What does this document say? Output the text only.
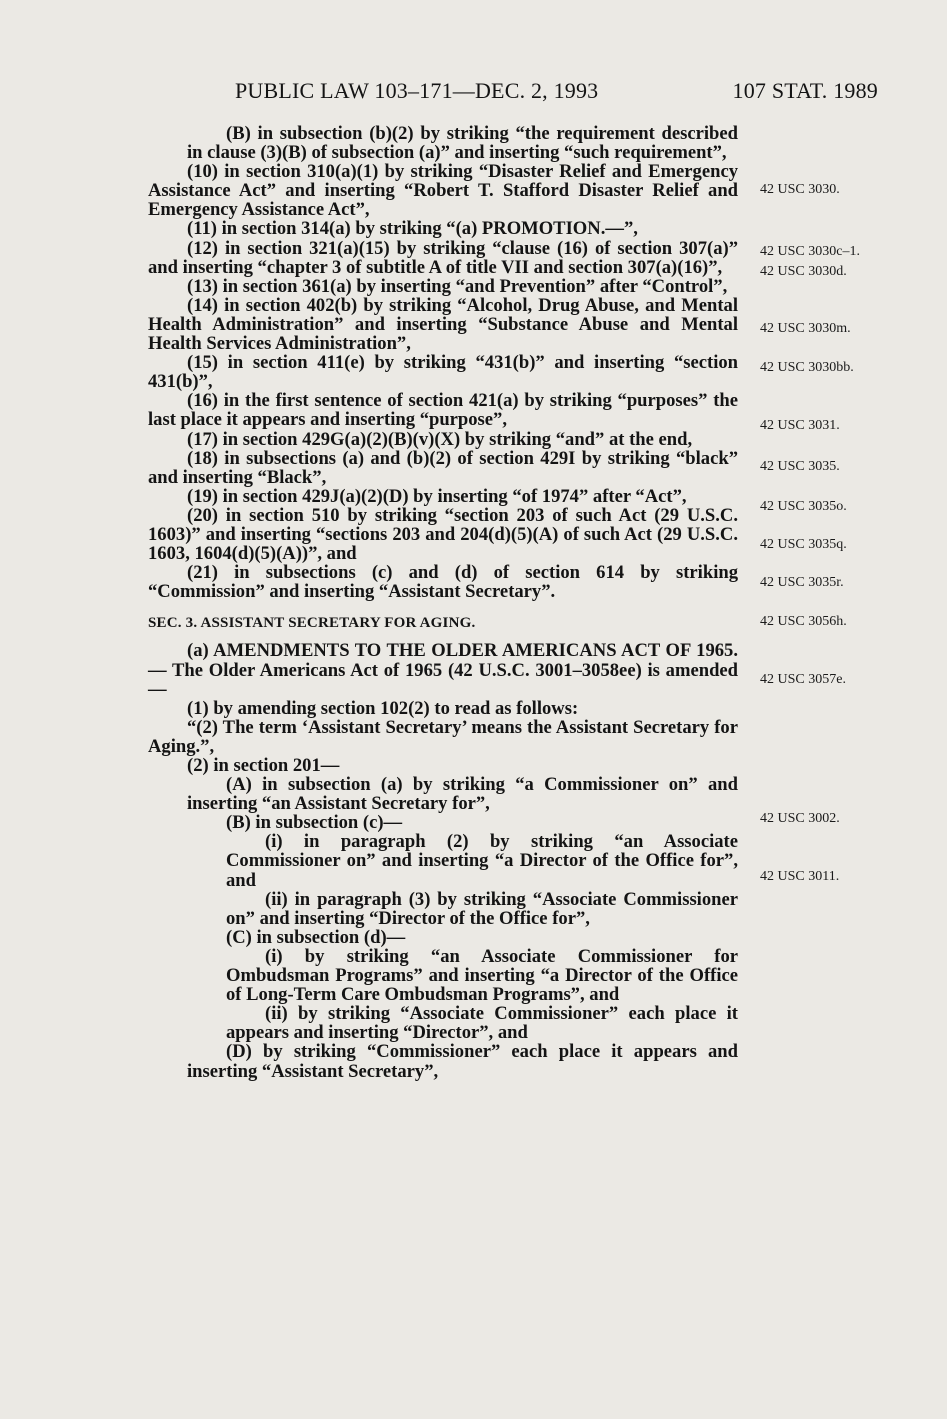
PUBLIC LAW 103–171—DEC. 2, 1993	107 STAT. 1989

(B) in subsection (b)(2) by striking “the requirement described in clause (3)(B) of subsection (a)” and inserting “such requirement”,

(10) in section 310(a)(1) by striking “Disaster Relief and Emergency Assistance Act” and inserting “Robert T. Stafford Disaster Relief and Emergency Assistance Act”,

(11) in section 314(a) by striking “(a) PROMOTION.—”,

(12) in section 321(a)(15) by striking “clause (16) of section 307(a)” and inserting “chapter 3 of subtitle A of title VII and section 307(a)(16)”,

(13) in section 361(a) by inserting “and Prevention” after “Control”,

(14) in section 402(b) by striking “Alcohol, Drug Abuse, and Mental Health Administration” and inserting “Substance Abuse and Mental Health Services Administration”,

(15) in section 411(e) by striking “431(b)” and inserting “section 431(b)”,

(16) in the first sentence of section 421(a) by striking “purposes” the last place it appears and inserting “purpose”,

(17) in section 429G(a)(2)(B)(v)(X) by striking “and” at the end,

(18) in subsections (a) and (b)(2) of section 429I by striking “black” and inserting “Black”,

(19) in section 429J(a)(2)(D) by inserting “of 1974” after “Act”,

(20) in section 510 by striking “section 203 of such Act (29 U.S.C. 1603)” and inserting “sections 203 and 204(d)(5)(A) of such Act (29 U.S.C. 1603, 1604(d)(5)(A))”, and

(21) in subsections (c) and (d) of section 614 by striking “Commission” and inserting “Assistant Secretary”.

SEC. 3. ASSISTANT SECRETARY FOR AGING.

(a) AMENDMENTS TO THE OLDER AMERICANS ACT OF 1965.— The Older Americans Act of 1965 (42 U.S.C. 3001–3058ee) is amended—

(1) by amending section 102(2) to read as follows:

“(2) The term ‘Assistant Secretary’ means the Assistant Secretary for Aging.”,

(2) in section 201—

(A) in subsection (a) by striking “a Commissioner on” and inserting “an Assistant Secretary for”,

(B) in subsection (c)—

(i) in paragraph (2) by striking “an Associate Commissioner on” and inserting “a Director of the Office for”, and

(ii) in paragraph (3) by striking “Associate Commissioner on” and inserting “Director of the Office for”,

(C) in subsection (d)—

(i) by striking “an Associate Commissioner for Ombudsman Programs” and inserting “a Director of the Office of Long-Term Care Ombudsman Programs”, and

(ii) by striking “Associate Commissioner” each place it appears and inserting “Director”, and

(D) by striking “Commissioner” each place it appears and inserting “Assistant Secretary”,

42 USC 3030.
42 USC 3030c–1.
42 USC 3030d.
42 USC 3030m.
42 USC 3030bb.
42 USC 3031.
42 USC 3035.
42 USC 3035o.
42 USC 3035q.
42 USC 3035r.
42 USC 3056h.
42 USC 3057e.
42 USC 3002.
42 USC 3011.
